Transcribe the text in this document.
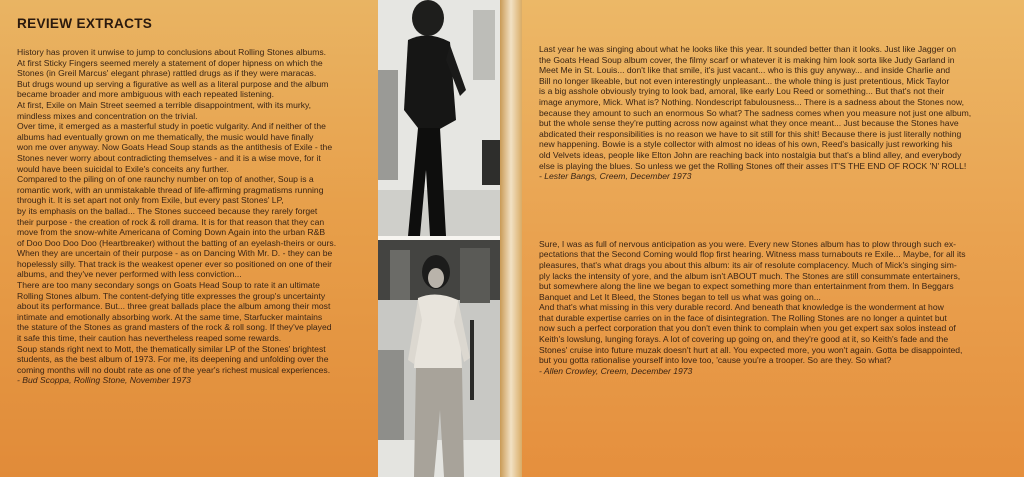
REVIEW EXTRACTS
History has proven it unwise to jump to conclusions about Rolling Stones albums.
At first Sticky Fingers seemed merely a statement of doper hipness on which the
Stones (in Greil Marcus' elegant phrase) rattled drugs as if they were maracas.
But drugs wound up serving a figurative as well as a literal purpose and the album
became broader and more ambiguous with each repeated listening.
At first, Exile on Main Street seemed a terrible disappointment, with its murky,
mindless mixes and concentration on the trivial.
Over time, it emerged as a masterful study in poetic vulgarity. And if neither of the
albums had eventually grown on me thematically, the music would have finally
won me over anyway. Now Goats Head Soup stands as the antithesis of Exile - the
Stones never worry about contradicting themselves - and it is a wise move, for it
would have been suicidal to Exile's conceits any further.
Compared to the piling on of one raunchy number on top of another, Soup is a
romantic work, with an unmistakable thread of life-affirming pragmatisms running
through it. It is set apart not only from Exile, but every past Stones' LP,
by its emphasis on the ballad... The Stones succeed because they rarely forget
their purpose - the creation of rock & roll drama. It is for that reason that they can
move from the snow-white Americana of Coming Down Again into the urban R&B
of Doo Doo Doo Doo (Heartbreaker) without the batting of an eyelash-theirs or ours.
When they are uncertain of their purpose - as on Dancing With Mr. D. - they can be
hopelessly silly. That track is the weakest opener ever so positioned on one of their
albums, and they've never performed with less conviction...
There are too many secondary songs on Goats Head Soup to rate it an ultimate
Rolling Stones album. The content-defying title expresses the group's uncertainty
about its performance. But... three great ballads place the album among their most
intimate and emotionally absorbing work. At the same time, Starfucker maintains
the stature of the Stones as grand masters of the rock & roll song. If they've played
it safe this time, their caution has nevertheless reaped some rewards.
Soup stands right next to Mott, the thematically similar LP of the Stones' brightest
students, as the best album of 1973. For me, its deepening and unfolding over the
coming months will no doubt rate as one of the year's richest musical experiences.
- Bud Scoppa, Rolling Stone, November 1973
Last year he was singing about what he looks like this year. It sounded better than it looks. Just like Jagger on
the Goats Head Soup album cover, the filmy scarf or whatever it is making him look sorta like Judy Garland in
Meet Me in St. Louis... don't like that smile, it's just vacant... who is this guy anyway... and inside Charlie and
Bill no longer likeable, but not even interestingly unpleasant... the whole thing is just pretentious, Mick Taylor
is a big asshole obviously trying to look bad, amoral, like early Lou Reed or something... But that's not their
image anymore, Mick. What is? Nothing. Nondescript fabulousness... There is a sadness about the Stones now,
because they amount to such an enormous So what? The sadness comes when you measure not just one album,
but the whole sense they're putting across now against what they once meant... Just because the Stones have
abdicated their responsibilities is no reason we have to sit still for this shit! Because there is just literally nothing
new happening. Bowie is a style collector with almost no ideas of his own, Reed's basically just reworking his
old Velvets ideas, people like Elton John are reaching back into nostalgia but that's a blind alley, and everybody
else is playing the blues. So unless we get the Rolling Stones off their asses IT'S THE END OF ROCK 'N' ROLL!
- Lester Bangs, Creem, December 1973
Sure, I was as full of nervous anticipation as you were. Every new Stones album has to plow through such ex-
pectations that the Second Coming would flop first hearing. Witness mass turnabouts re Exile... Maybe, for all its
pleasures, that's what drags you about this album: its air of resolute complacency. Much of Mick's singing sim-
ply lacks the intensity of yore, and the album isn't ABOUT much. The Stones are still consummate entertainers,
but somewhere along the line we began to expect something more than entertainment from them. In Beggars
Banquet and Let It Bleed, the Stones began to tell us what was going on...
And that's what missing in this very durable record. And beneath that knowledge is the wonderment at how
that durable expertise carries on in the face of disintegration. The Rolling Stones are no longer a quintet but
now such a perfect corporation that you don't even think to complain when you get expert sax solos instead of
Keith's lowslung, lunging forays. A lot of covering up going on, and they're good at it, so Keith's fade and the
Stones' cruise into future muzak doesn't hurt at all. You expected more, you won't again. Gotta be disappointed,
but you gotta rationalise yourself into love too, 'cause you're a trooper. So are they. So what?
- Allen Crowley, Creem, December 1973
